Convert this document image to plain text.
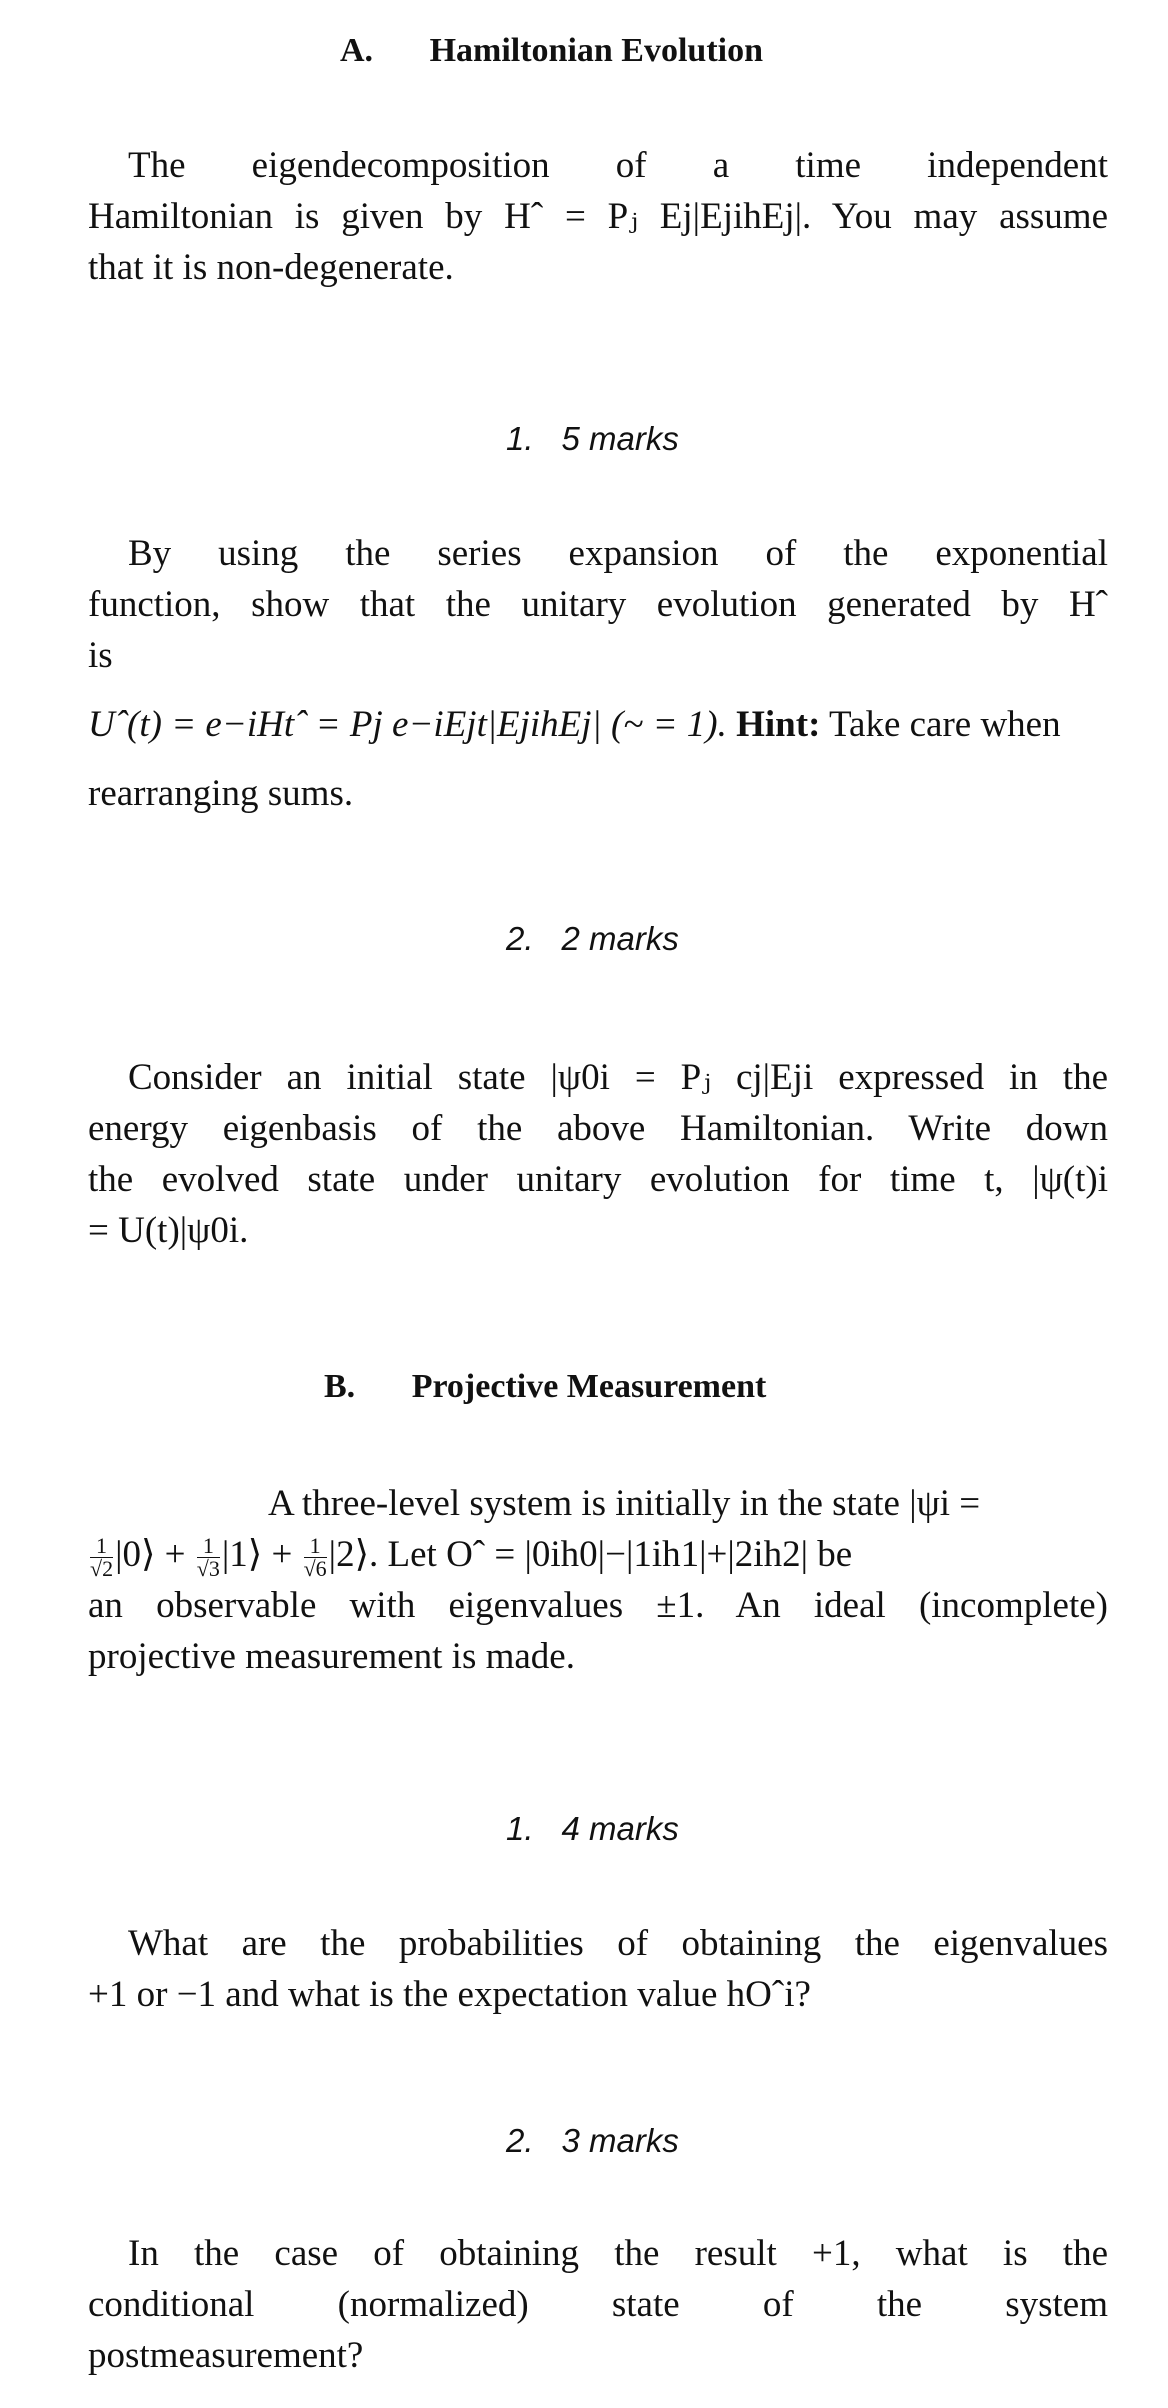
A. Hamiltonian Evolution
The eigendecomposition of a time independent
Hamiltonian is given by Hˆ = Pⱼ Ej|EjihEj|. You may assume
that it is non-degenerate.
1. 5 marks
By using the series expansion of the exponential
function, show that the unitary evolution generated by Hˆ
is
Uˆ(t) = e−iHtˆ = Pj e−iEjt|EjihEj| (~ = 1). Hint: Take care when
rearranging sums.
2. 2 marks
Consider an initial state |ψ0i = Pⱼ cj|Eji expressed in the
energy eigenbasis of the above Hamiltonian. Write down
the evolved state under unitary evolution for time t, |ψ(t)i
= U(t)|ψ0i.
B. Projective Measurement
A three-level system is initially in the state |ψi =
$\frac{1}{√2}$ |0⟩ + $\frac{1}{√3}$ |1⟩ + $\frac{1}{√6}$ |2⟩. Let Oˆ = |0ih0|−|1ih1|+|2ih2| be
an observable with eigenvalues ±1. An ideal (incomplete)
projective measurement is made.
1. 4 marks
What are the probabilities of obtaining the eigenvalues
+1 or −1 and what is the expectation value hOˆi?
2. 3 marks
In the case of obtaining the result +1, what is the
conditional (normalized) state of the system
postmeasurement?
